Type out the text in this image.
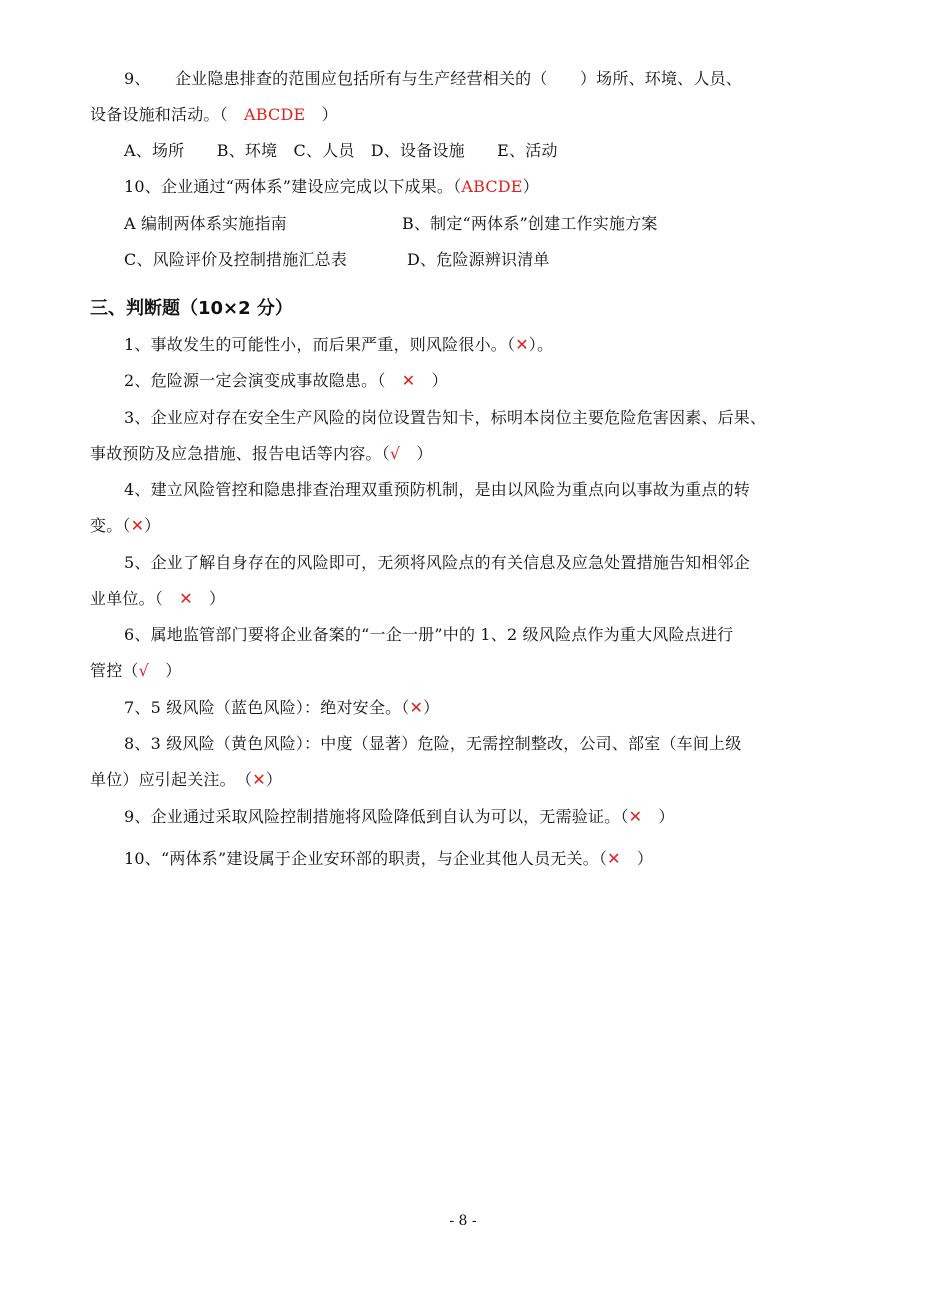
9、　　企业隐患排查的范围应包括所有与生产经营相关的（　　）场所、环境、人员、
设备设施和活动。（　ABCDE　）
A、场所　　B、环境　C、人员　D、设备设施　　E、活动
10、企业通过“两体系”建设应完成以下成果。（ABCDE）
A 编制两体系实施指南	B、制定“两体系”创建工作实施方案
C、风险评价及控制措施汇总表	D、危险源辨识清单
三、判断题（10×2 分）
1、事故发生的可能性小，而后果严重，则风险很小。（✕）。
2、危险源一定会演变成事故隐患。（　✕　）
3、企业应对存在安全生产风险的岗位设置告知卡，标明本岗位主要危险危害因素、后果、
事故预防及应急措施、报告电话等内容。（√　）
4、建立风险管控和隐患排查治理双重预防机制，是由以风险为重点向以事故为重点的转
变。（✕）
5、企业了解自身存在的风险即可，无须将风险点的有关信息及应急处置措施告知相邻企
业单位。（　✕　）
6、属地监管部门要将企业备案的“一企一册”中的 1、2 级风险点作为重大风险点进行
管控（√　）
7、5 级风险（蓝色风险）：绝对安全。（✕）
8、3 级风险（黄色风险）：中度（显著）危险，无需控制整改，公司、部室（车间上级
单位）应引起关注。　（✕）
9、企业通过采取风险控制措施将风险降低到自认为可以，无需验证。（✕　）
10、“两体系”建设属于企业安环部的职责，与企业其他人员无关。（✕　）
- 8 -
